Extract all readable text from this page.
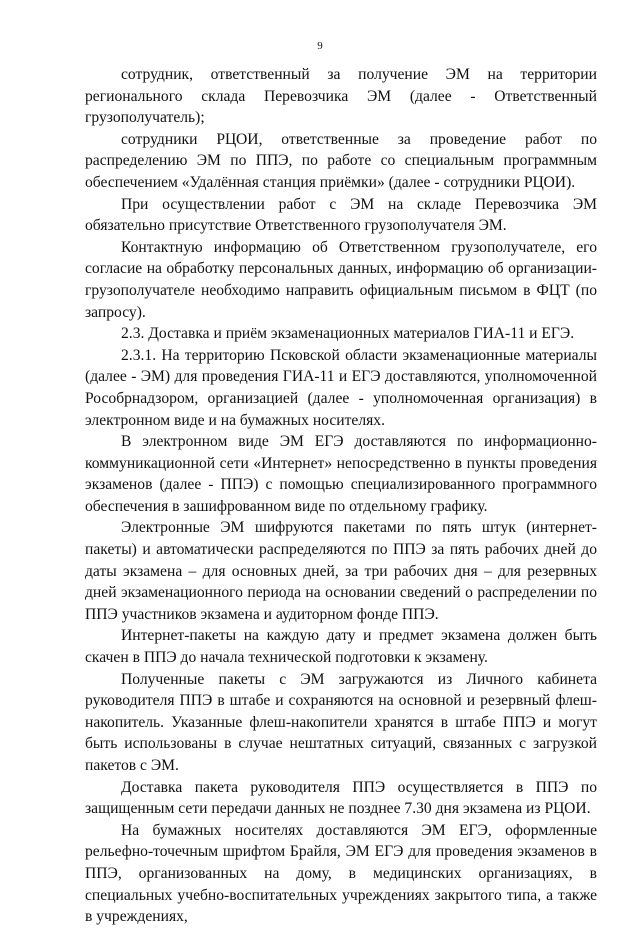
9

сотрудник, ответственный за получение ЭМ на территории регионального склада Перевозчика ЭМ (далее - Ответственный грузополучатель);

сотрудники РЦОИ, ответственные за проведение работ по распределению ЭМ по ППЭ, по работе со специальным программным обеспечением «Удалённая станция приёмки» (далее - сотрудники РЦОИ).

При осуществлении работ с ЭМ на складе Перевозчика ЭМ обязательно присутствие Ответственного грузополучателя ЭМ.

Контактную информацию об Ответственном грузополучателе, его согласие на обработку персональных данных, информацию об организации-грузополучателе необходимо направить официальным письмом в ФЦТ (по запросу).

2.3. Доставка и приём экзаменационных материалов ГИА-11 и ЕГЭ.

2.3.1. На территорию Псковской области экзаменационные материалы (далее - ЭМ) для проведения ГИА-11 и ЕГЭ доставляются, уполномоченной Рособрнадзором, организацией (далее - уполномоченная организация) в электронном виде и на бумажных носителях.

В электронном виде ЭМ ЕГЭ доставляются по информационно-коммуникационной сети «Интернет» непосредственно в пункты проведения экзаменов (далее - ППЭ) с помощью специализированного программного обеспечения в зашифрованном виде по отдельному графику.

Электронные ЭМ шифруются пакетами по пять штук (интернет-пакеты) и автоматически распределяются по ППЭ за пять рабочих дней до даты экзамена – для основных дней, за три рабочих дня – для резервных дней экзаменационного периода на основании сведений о распределении по ППЭ участников экзамена и аудиторном фонде ППЭ.

Интернет-пакеты на каждую дату и предмет экзамена должен быть скачен в ППЭ до начала технической подготовки к экзамену.

Полученные пакеты с ЭМ загружаются из Личного кабинета руководителя ППЭ в штабе и сохраняются на основной и резервный флеш-накопитель. Указанные флеш-накопители хранятся в штабе ППЭ и могут быть использованы в случае нештатных ситуаций, связанных с загрузкой пакетов с ЭМ.

Доставка пакета руководителя ППЭ осуществляется в ППЭ по защищенным сети передачи данных не позднее 7.30 дня экзамена из РЦОИ.

На бумажных носителях доставляются ЭМ ЕГЭ, оформленные рельефно-точечным шрифтом Брайля, ЭМ ЕГЭ для проведения экзаменов в ППЭ, организованных на дому, в медицинских организациях, в специальных учебно-воспитательных учреждениях закрытого типа, а также в учреждениях,
